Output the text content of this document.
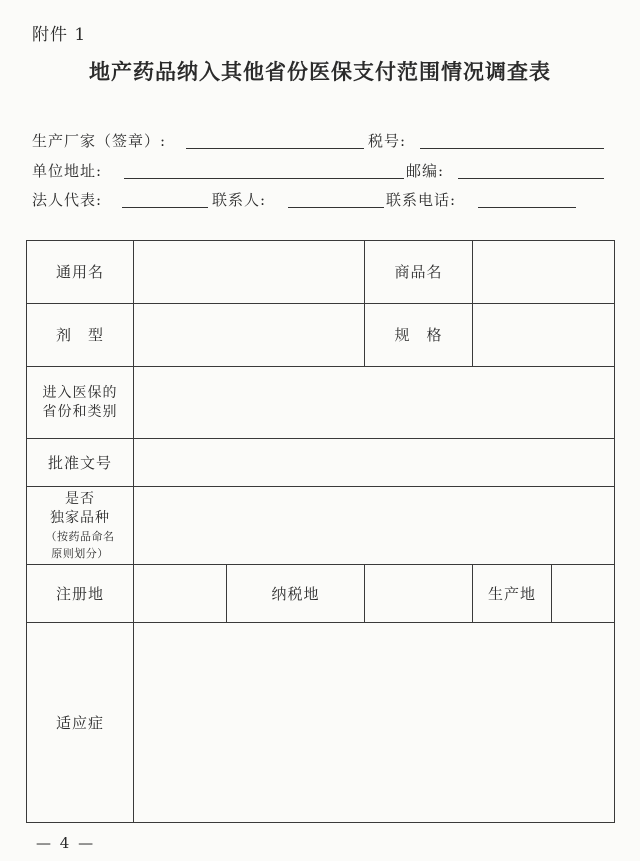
附件 1
地产药品纳入其他省份医保支付范围情况调查表
生产厂家（签章）:	税号:
单位地址:	邮编:
法人代表:	联系人:	联系电话:
通用名			商品名	
剂　型			规　格	

进入医保的
省份和类别				

批准文号				

是否
独家品种
（按药品命名
原则划分）				

注册地		纳税地		生产地

适应症				
— 4 —
